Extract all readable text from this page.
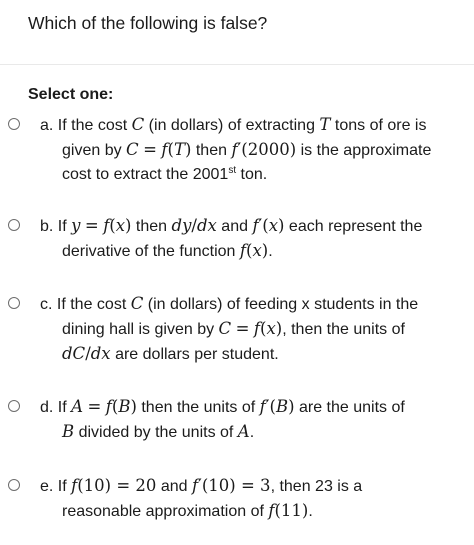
Which of the following is false?
Select one:
a. If the cost C (in dollars) of extracting T tons of ore is
given by C = f(T) then f′(2000) is the approximate
cost to extract the 2001st ton.
b. If y = f(x) then dy/dx and f′(x) each represent the
derivative of the function f(x).
c. If the cost C (in dollars) of feeding x students in the
dining hall is given by C = f(x), then the units of
dC/dx are dollars per student.
d. If A = f(B) then the units of f′(B) are the units of
B divided by the units of A.
e. If f(10) = 20 and f′(10) = 3, then 23 is a
reasonable approximation of f(11).
